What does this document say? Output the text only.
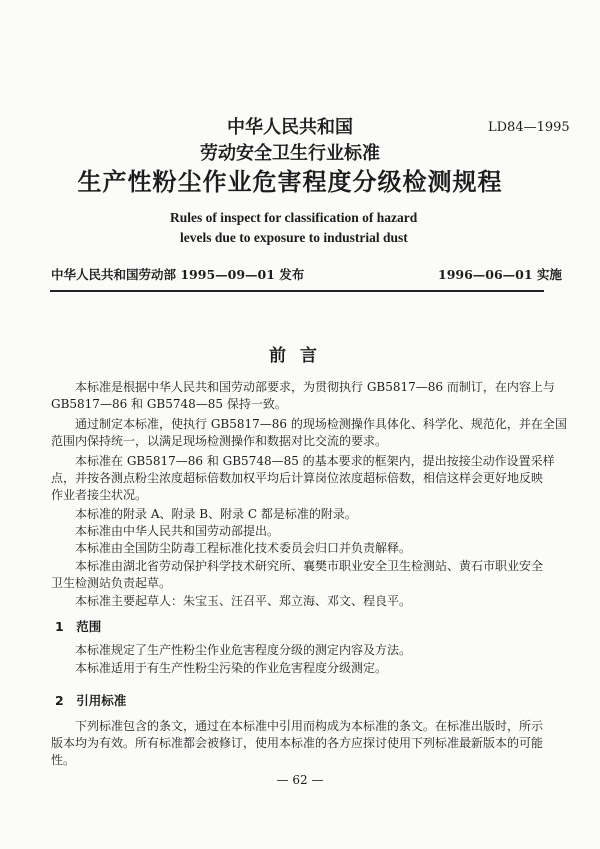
中华人民共和国	LD84—1995
劳动安全卫生行业标准
生产性粉尘作业危害程度分级检测规程
Rules of inspect for classification of hazard
levels due to exposure to industrial dust
中华人民共和国劳动部 1995—09—01 发布	1996—06—01 实施
前言
本标准是根据中华人民共和国劳动部要求，为贯彻执行 GB5817—86 而制订，在内容上与
GB5817—86 和 GB5748—85 保持一致。
通过制定本标准，使执行 GB5817—86 的现场检测操作具体化、科学化、规范化，并在全国
范围内保持统一，以满足现场检测操作和数据对比交流的要求。
本标准在 GB5817—86 和 GB5748—85 的基本要求的框架内，提出按接尘动作设置采样
点，并按各测点粉尘浓度超标倍数加权平均后计算岗位浓度超标倍数，相信这样会更好地反映
作业者接尘状况。
本标准的附录 A、附录 B、附录 C 都是标准的附录。
本标准由中华人民共和国劳动部提出。
本标准由全国防尘防毒工程标准化技术委员会归口并负责解释。
本标准由湖北省劳动保护科学技术研究所、襄樊市职业安全卫生检测站、黄石市职业安全
卫生检测站负责起草。
本标准主要起草人：朱宝玉、汪召平、郑立海、邓文、程良平。
1　范围
本标准规定了生产性粉尘作业危害程度分级的测定内容及方法。
本标准适用于有生产性粉尘污染的作业危害程度分级测定。
2　引用标准
下列标准包含的条文，通过在本标准中引用而构成为本标准的条文。在标准出版时，所示
版本均为有效。所有标准都会被修订，使用本标准的各方应探讨使用下列标准最新版本的可能
性。
— 62 —
